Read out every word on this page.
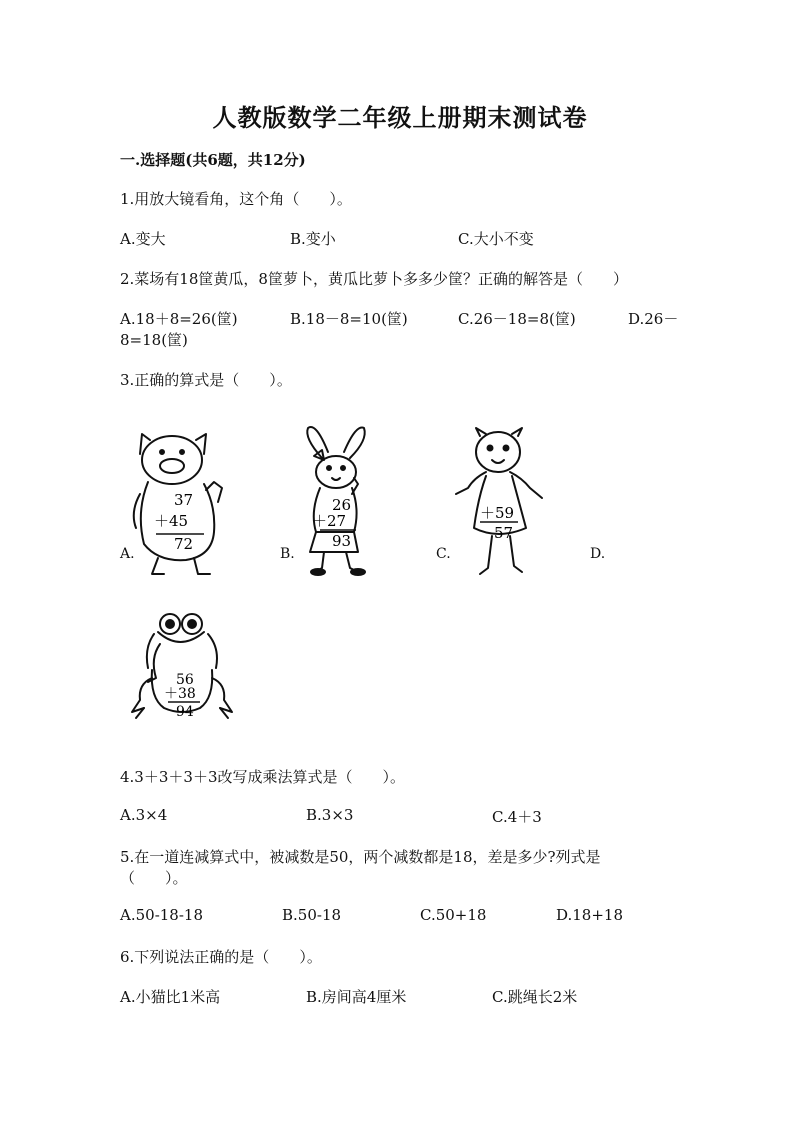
人教版数学二年级上册期末测试卷
一.选择题(共6题，共12分)
1.用放大镜看角，这个角（　　）。
A.变大	B.变小	C.大小不变
2.菜场有18筐黄瓜，8筐萝卜，黄瓜比萝卜多多少筐？正确的解答是（　　）
A.18＋8=26(筐)	B.18－8=10(筐)	C.26－18=8(筐)	D.26－
8=18(筐)
3.正确的算式是（　　）。
37
＋45
72
26
＋27
93
＋59
57
A.	B.	C.	D.
56
＋38
94
4.3＋3＋3＋3改写成乘法算式是（　　）。
A.3×4	B.3×3	C.4＋3
5.在一道连减算式中，被减数是50，两个减数都是18，差是多少?列式是
（　　）。
A.50-18-18	B.50-18	C.50+18	D.18+18
6.下列说法正确的是（　　）。
A.小猫比1米高	B.房间高4厘米	C.跳绳长2米
